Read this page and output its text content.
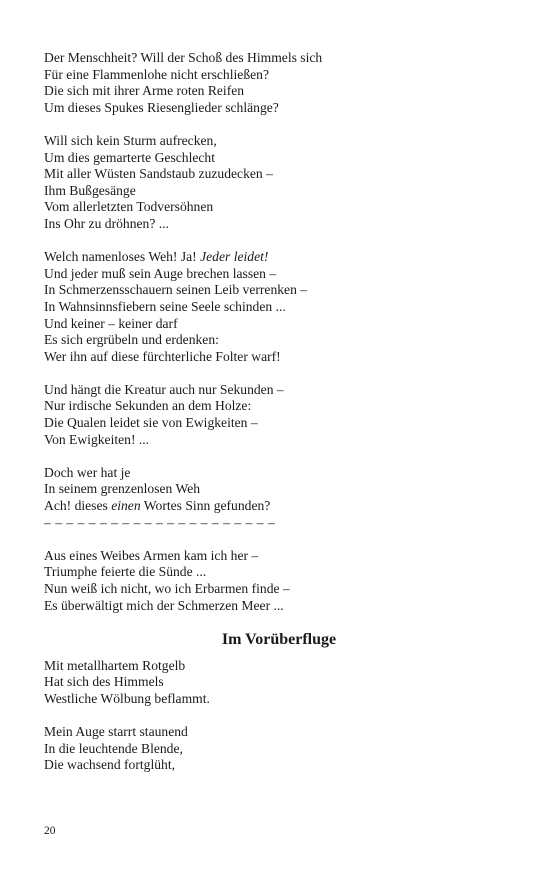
Der Menschheit? Will der Schoß des Himmels sich
Für eine Flammenlohe nicht erschließen?
Die sich mit ihrer Arme roten Reifen
Um dieses Spukes Riesenglieder schlänge?
Will sich kein Sturm aufrecken,
Um dies gemarterte Geschlecht
Mit aller Wüsten Sandstaub zuzudecken –
Ihm Bußgesänge
Vom allerletzten Todversöhnen
Ins Ohr zu dröhnen? ...
Welch namenloses Weh! Ja! Jeder leidet!
Und jeder muß sein Auge brechen lassen –
In Schmerzensschauern seinen Leib verrenken –
In Wahnsinnsfiebern seine Seele schinden ...
Und keiner – keiner darf
Es sich ergrübeln und erdenken:
Wer ihn auf diese fürchterliche Folter warf!
Und hängt die Kreatur auch nur Sekunden –
Nur irdische Sekunden an dem Holze:
Die Qualen leidet sie von Ewigkeiten –
Von Ewigkeiten! ...
Doch wer hat je
In seinem grenzenlosen Weh
Ach! dieses einen Wortes Sinn gefunden?
– – – – – – – – – – – – – – – – – – – – –
Aus eines Weibes Armen kam ich her –
Triumphe feierte die Sünde ...
Nun weiß ich nicht, wo ich Erbarmen finde –
Es überwältigt mich der Schmerzen Meer ...
Im Vorüberfluge
Mit metallhartem Rotgelb
Hat sich des Himmels
Westliche Wölbung beflammt.
Mein Auge starrt staunend
In die leuchtende Blende,
Die wachsend fortglüht,
20
